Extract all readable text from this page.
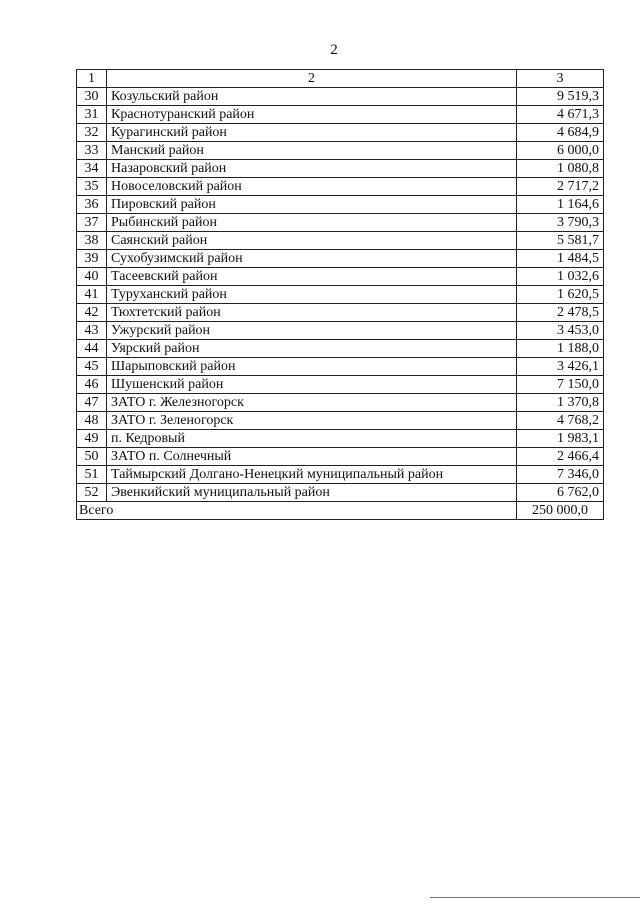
2
1	2	3
30	Козульский район	9 519,3
31	Краснотуранский район	4 671,3
32	Курагинский район	4 684,9
33	Манский район	6 000,0
34	Назаровский район	1 080,8
35	Новоселовский район	2 717,2
36	Пировский район	1 164,6
37	Рыбинский район	3 790,3
38	Саянский район	5 581,7
39	Сухобузимский район	1 484,5
40	Тасеевский район	1 032,6
41	Туруханский район	1 620,5
42	Тюхтетский район	2 478,5
43	Ужурский район	3 453,0
44	Уярский район	1 188,0
45	Шарыповский район	3 426,1
46	Шушенский район	7 150,0
47	ЗАТО г. Железногорск	1 370,8
48	ЗАТО г. Зеленогорск	4 768,2
49	п. Кедровый	1 983,1
50	ЗАТО п. Солнечный	2 466,4
51	Таймырский Долгано-Ненецкий муниципальный район	7 346,0
52	Эвенкийский муниципальный район	6 762,0
Всего		250 000,0
